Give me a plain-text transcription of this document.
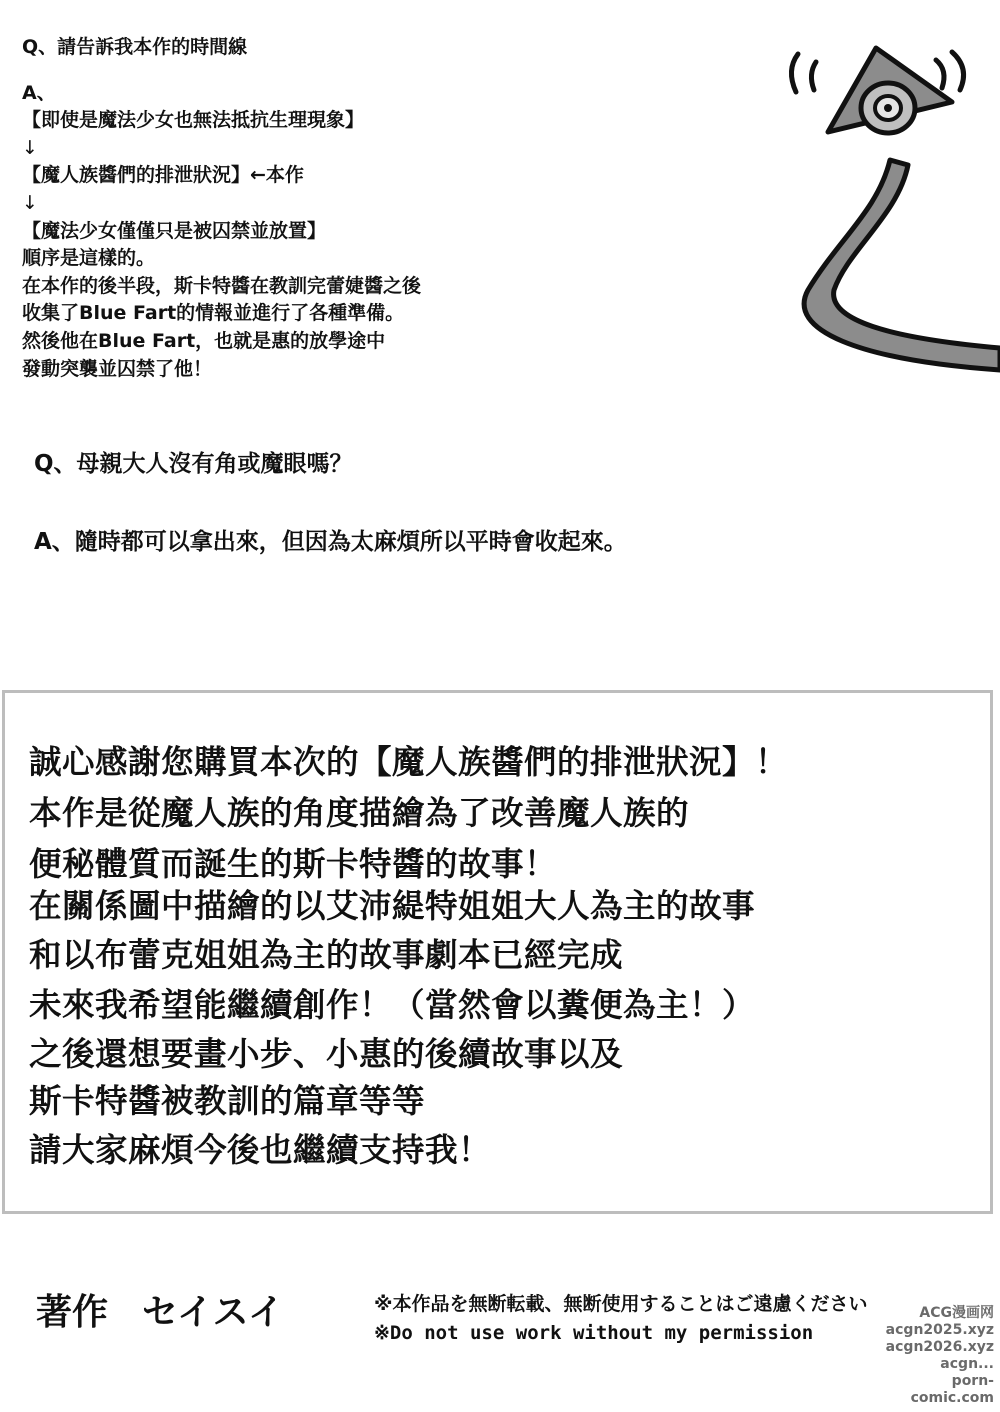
Q、請告訴我本作的時間線
A、
【即使是魔法少女也無法抵抗生理現象】
↓
【魔人族醬們的排泄狀況】←本作
↓
【魔法少女僅僅只是被囚禁並放置】
順序是這樣的。
在本作的後半段，斯卡特醬在教訓完蕾婕醬之後
收集了Blue Fart的情報並進行了各種準備。
然後他在Blue Fart，也就是惠的放學途中
發動突襲並囚禁了他！
Q、母親大人沒有角或魔眼嗎？
A、隨時都可以拿出來，但因為太麻煩所以平時會收起來。
誠心感謝您購買本次的【魔人族醬們的排泄狀況】！
本作是從魔人族的角度描繪為了改善魔人族的
便秘體質而誕生的斯卡特醬的故事！
在關係圖中描繪的以艾沛緹特姐姐大人為主的故事
和以布蕾克姐姐為主的故事劇本已經完成
未來我希望能繼續創作！（當然會以糞便為主！）
之後還想要畫小步、小惠的後續故事以及
斯卡特醬被教訓的篇章等等
請大家麻煩今後也繼續支持我！
著作 セイスイ	※本作品を無断転載、無断使用することはご遠慮ください
※Do not use work without my permission
ACG漫画网
acgn2025.xyz
acgn2026.xyz
acgn...
porn-comic.com
